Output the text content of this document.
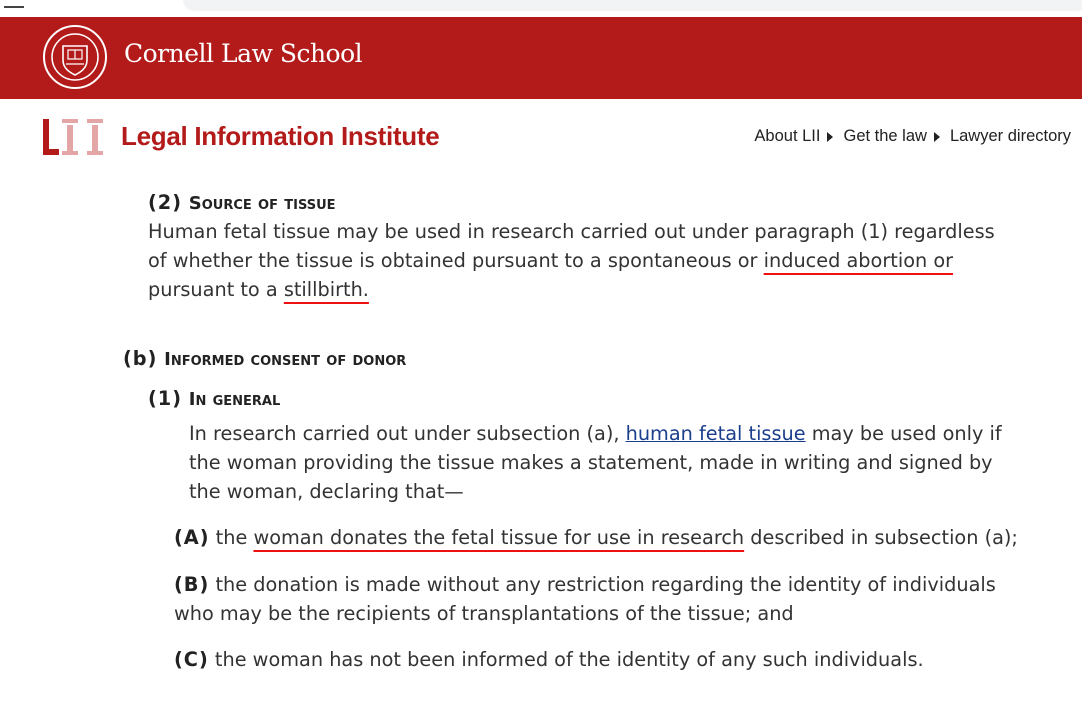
Cornell Law School
Legal Information Institute	About LII Get the law Lawyer directory
(2) Source of tissue
Human fetal tissue may be used in research carried out under paragraph (1) regardless of whether the tissue is obtained pursuant to a spontaneous or induced abortion or pursuant to a stillbirth.
(b) Informed consent of donor
(1) In general
In research carried out under subsection (a), human fetal tissue may be used only if the woman providing the tissue makes a statement, made in writing and signed by the woman, declaring that—
(A) the woman donates the fetal tissue for use in research described in subsection (a);
(B) the donation is made without any restriction regarding the identity of individuals who may be the recipients of transplantations of the tissue; and
(C) the woman has not been informed of the identity of any such individuals.
